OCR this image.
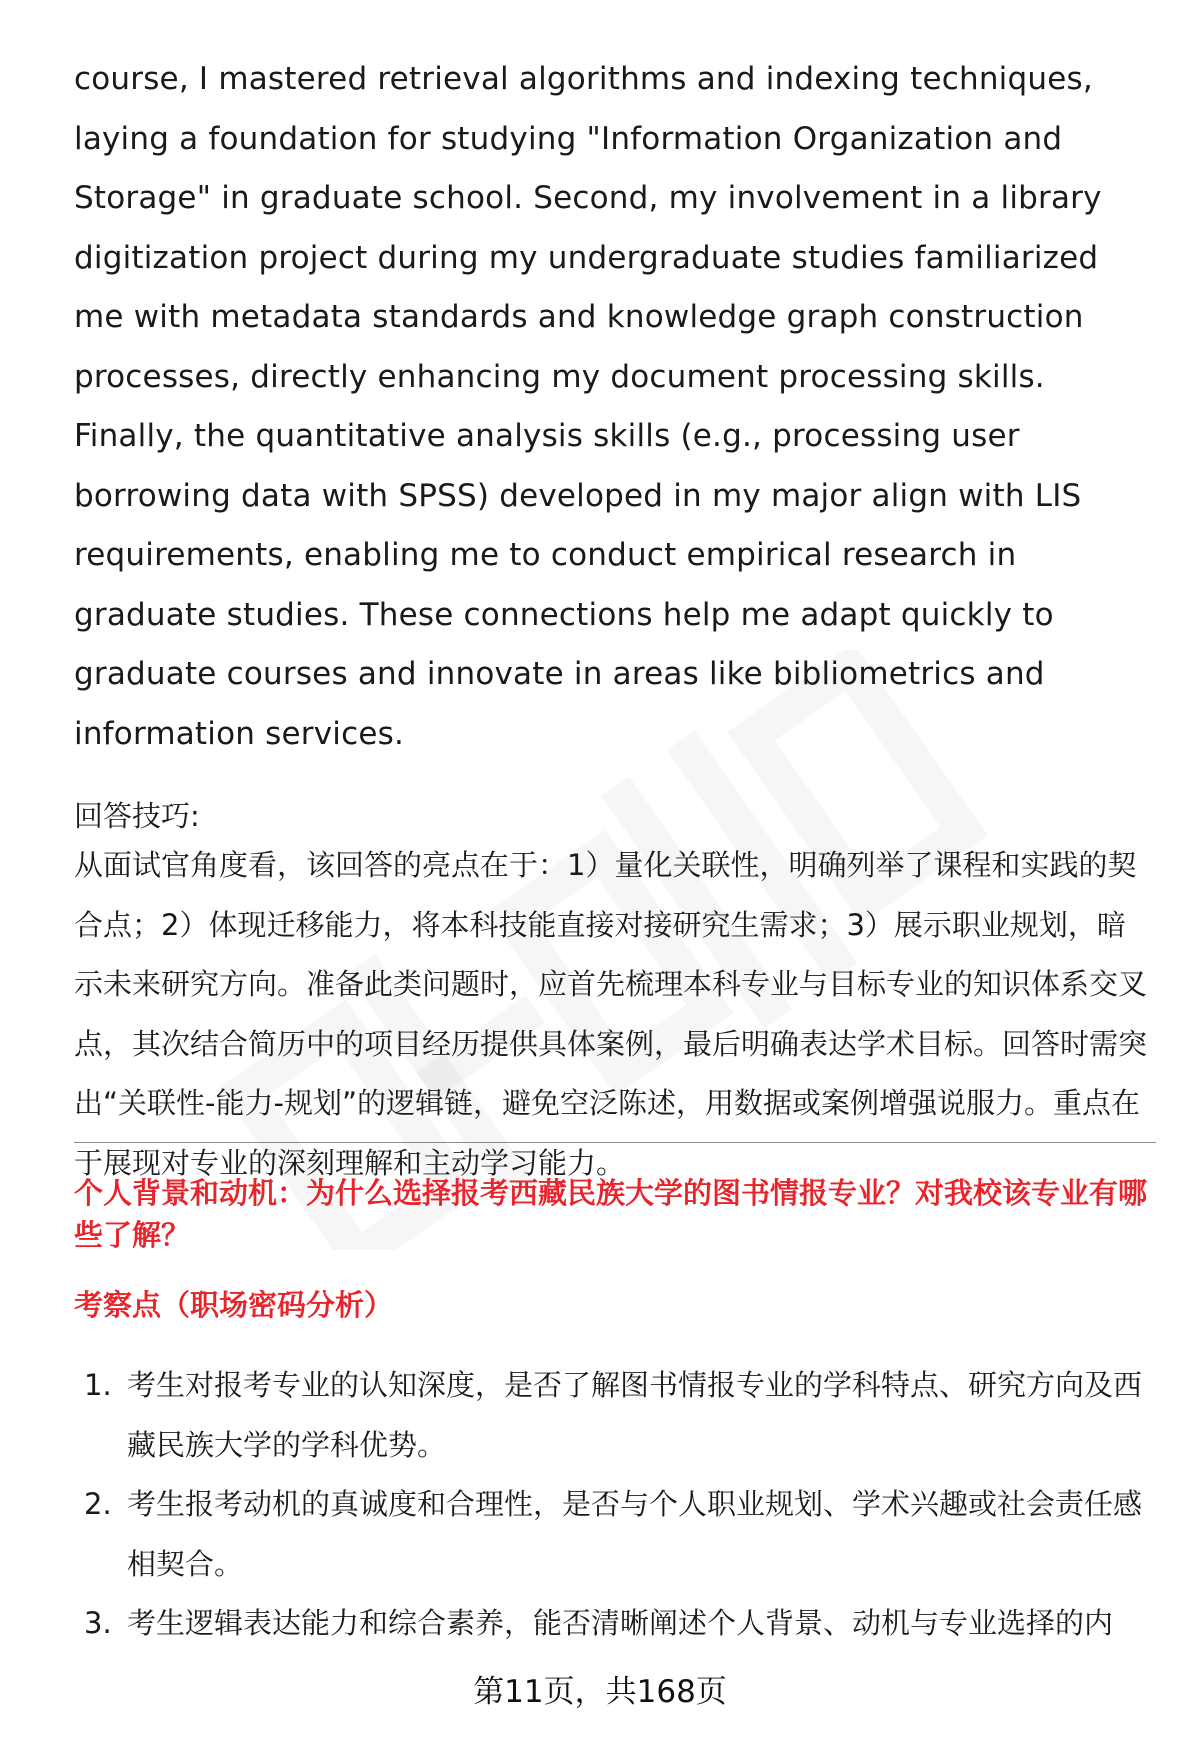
course, I mastered retrieval algorithms and indexing techniques, laying a foundation for studying "Information Organization and Storage" in graduate school. Second, my involvement in a library digitization project during my undergraduate studies familiarized me with metadata standards and knowledge graph construction processes, directly enhancing my document processing skills. Finally, the quantitative analysis skills (e.g., processing user borrowing data with SPSS) developed in my major align with LIS requirements, enabling me to conduct empirical research in graduate studies. These connections help me adapt quickly to graduate courses and innovate in areas like bibliometrics and information services.

回答技巧:

从面试官角度看，该回答的亮点在于：1）量化关联性，明确列举了课程和实践的契合点；2）体现迁移能力，将本科技能直接对接研究生需求；3）展示职业规划，暗示未来研究方向。准备此类问题时，应首先梳理本科专业与目标专业的知识体系交叉点，其次结合简历中的项目经历提供具体案例，最后明确表达学术目标。回答时需突出“关联性-能力-规划”的逻辑链，避免空泛陈述，用数据或案例增强说服力。重点在于展现对专业的深刻理解和主动学习能力。

个人背景和动机：为什么选择报考西藏民族大学的图书情报专业？对我校该专业有哪些了解？

考察点（职场密码分析）

1. 考生对报考专业的认知深度，是否了解图书情报专业的学科特点、研究方向及西藏民族大学的学科优势。
2. 考生报考动机的真诚度和合理性，是否与个人职业规划、学术兴趣或社会责任感相契合。
3. 考生逻辑表达能力和综合素养，能否清晰阐述个人背景、动机与专业选择的内
第11页，共168页
